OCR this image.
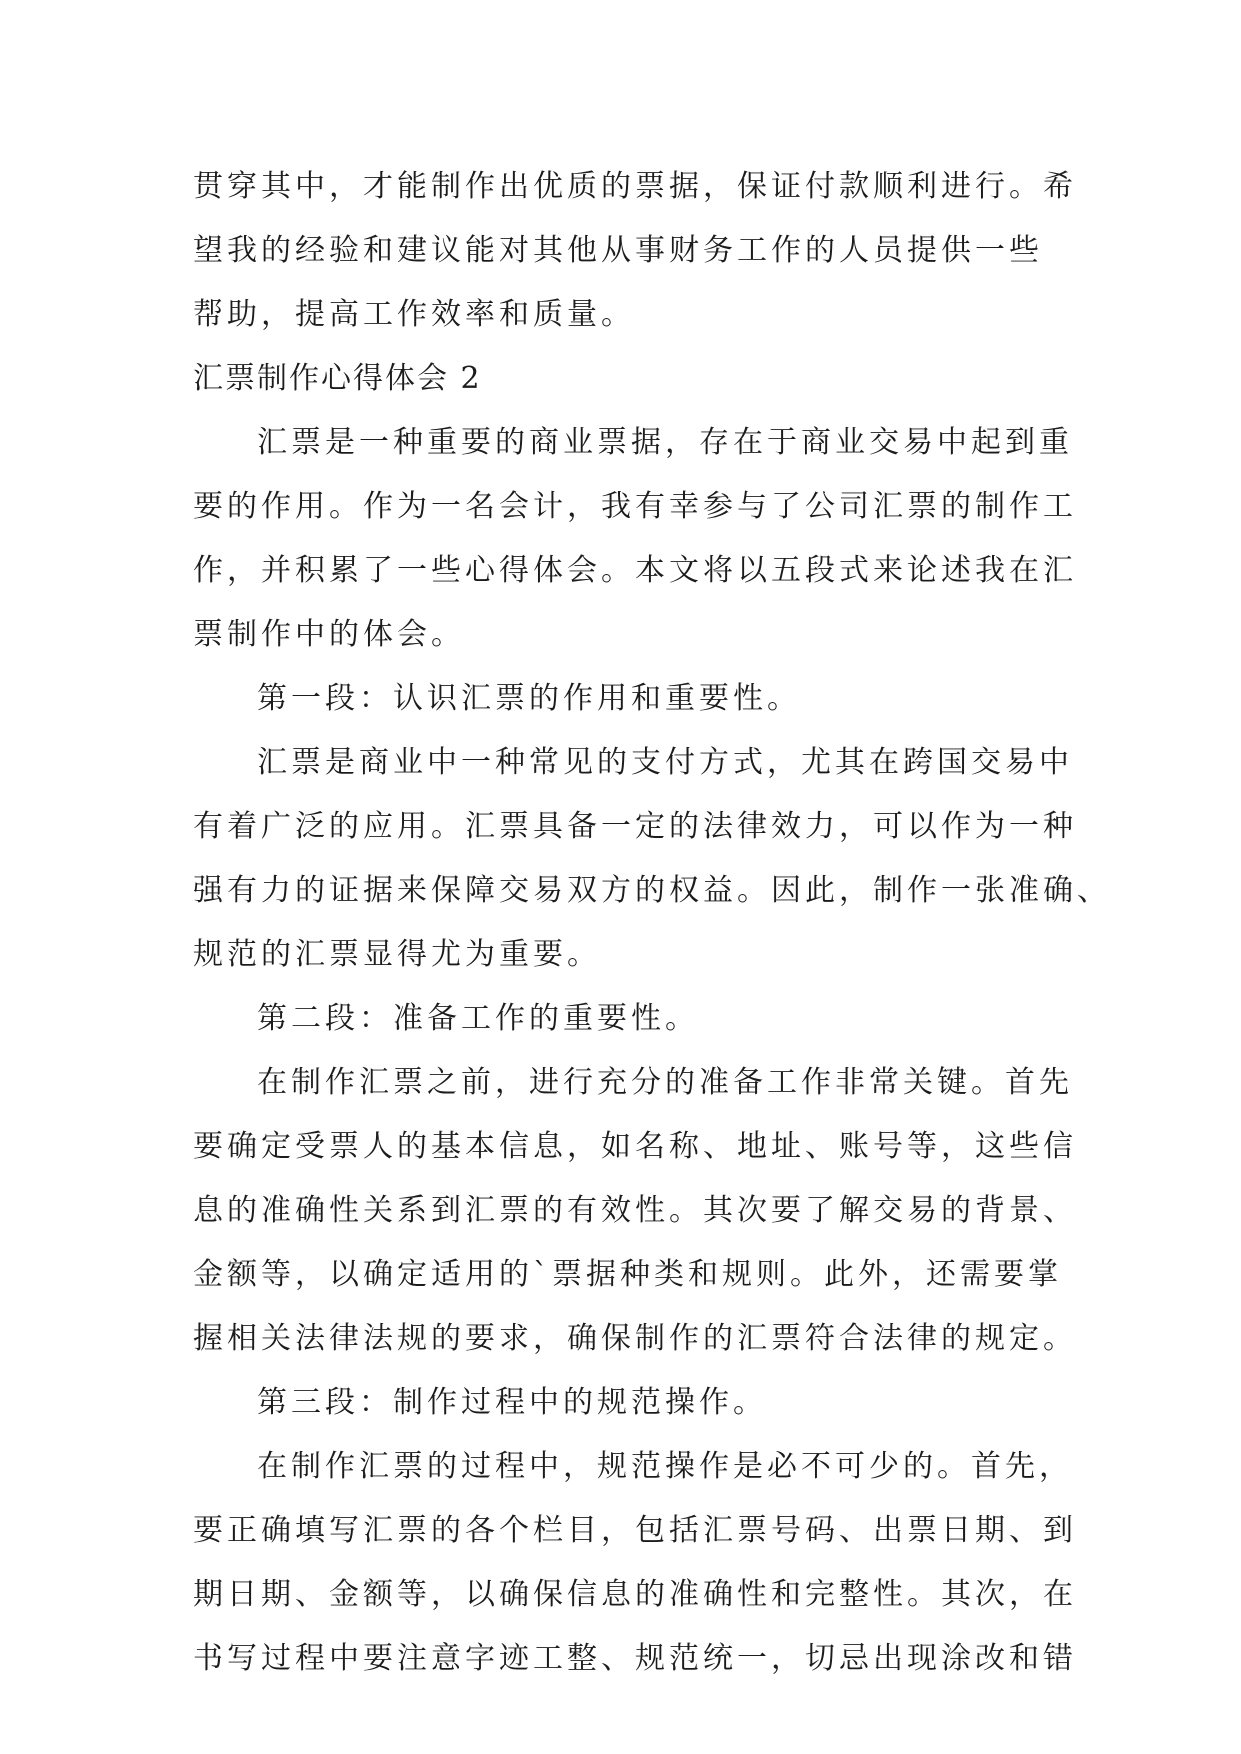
贯穿其中，才能制作出优质的票据，保证付款顺利进行。希
望我的经验和建议能对其他从事财务工作的人员提供一些
帮助，提高工作效率和质量。
汇票制作心得体会 2
汇票是一种重要的商业票据，存在于商业交易中起到重
要的作用。作为一名会计，我有幸参与了公司汇票的制作工
作，并积累了一些心得体会。本文将以五段式来论述我在汇
票制作中的体会。
第一段：认识汇票的作用和重要性。
汇票是商业中一种常见的支付方式，尤其在跨国交易中
有着广泛的应用。汇票具备一定的法律效力，可以作为一种
强有力的证据来保障交易双方的权益。因此，制作一张准确、
规范的汇票显得尤为重要。
第二段：准备工作的重要性。
在制作汇票之前，进行充分的准备工作非常关键。首先
要确定受票人的基本信息，如名称、地址、账号等，这些信
息的准确性关系到汇票的有效性。其次要了解交易的背景、
金额等，以确定适用的`票据种类和规则。此外，还需要掌
握相关法律法规的要求，确保制作的汇票符合法律的规定。
第三段：制作过程中的规范操作。
在制作汇票的过程中，规范操作是必不可少的。首先，
要正确填写汇票的各个栏目，包括汇票号码、出票日期、到
期日期、金额等，以确保信息的准确性和完整性。其次，在
书写过程中要注意字迹工整、规范统一，切忌出现涂改和错
